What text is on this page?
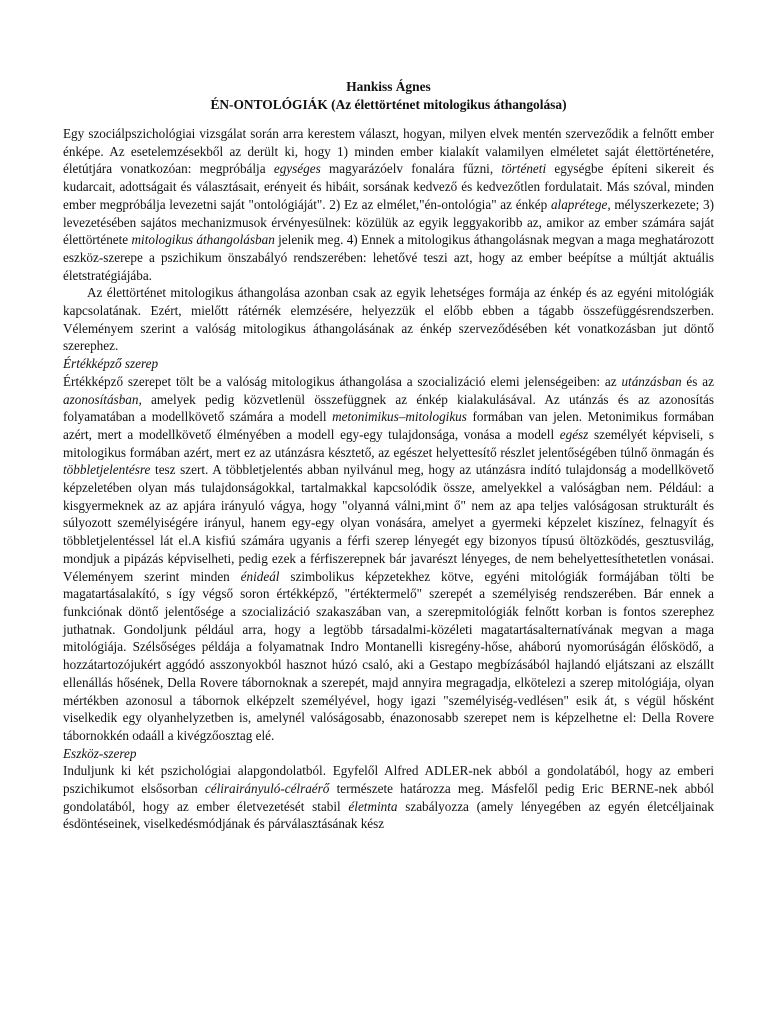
Hankiss Ágnes

ÉN-ONTOLÓGIÁK (Az élettörténet mitologikus áthangolása)

Egy szociálpszichológiai vizsgálat során arra kerestem választ, hogyan, milyen elvek mentén szerveződik a felnőtt ember énképe. Az esetelemzésekből az derült ki, hogy 1) minden ember kialakít valamilyen elméletet saját élettörténetére, életútjára vonatkozóan: megpróbálja egységes magyarázóelv fonalára fűzni, történeti egységbe építeni sikereit és kudarcait, adottságait és választásait, erényeit és hibáit, sorsának kedvező és kedvezőtlen fordulatait. Más szóval, minden ember megpróbálja levezetni saját "ontológiáját". 2) Ez az elmélet,"én-ontológia" az énkép alaprétege, mélyszerkezete; 3) levezetésében sajátos mechanizmusok érvényesülnek: közülük az egyik leggyakoribb az, amikor az ember számára saját élettörténete mitologikus áthangolásban jelenik meg. 4) Ennek a mitologikus áthangolásnak megvan a maga meghatározott eszköz-szerepe a pszichikum önszabályó rendszerében: lehetővé teszi azt, hogy az ember beépítse a múltját aktuális életstratégiájába.

Az élettörténet mitologikus áthangolása azonban csak az egyik lehetséges formája az énkép és az egyéni mitológiák kapcsolatának. Ezért, mielőtt rátérnék elemzésére, helyezzük el előbb ebben a tágabb összefüggésrendszerben. Véleményem szerint a valóság mitologikus áthangolásának az énkép szerveződésében két vonatkozásban jut döntő szerephez.

Értékképző szerep

Értékképző szerepet tölt be a valóság mitologikus áthangolása a szocializáció elemi jelenségeiben: az utánzásban és az azonosításban, amelyek pedig közvetlenül összefüggnek az énkép kialakulásával. Az utánzás és az azonosítás folyamatában a modellkövető számára a modell metonimikus–mitologikus formában van jelen. Metonimikus formában azért, mert a modellkövető élményében a modell egy-egy tulajdonsága, vonása a modell egész személyét képviseli, s mitologikus formában azért, mert ez az utánzásra késztető, az egészet helyettesítő részlet jelentőségében túlnő önmagán és többletjelentésre tesz szert. A többletjelentés abban nyilvánul meg, hogy az utánzásra indító tulajdonság a modellkövető képzeletében olyan más tulajdonságokkal, tartalmakkal kapcsolódik össze, amelyekkel a valóságban nem. Például: a kisgyermeknek az az apjára irányuló vágya, hogy "olyanná válni,mint ő" nem az apa teljes valóságosan strukturált és súlyozott személyiségére irányul, hanem egy-egy olyan vonására, amelyet a gyermeki képzelet kiszínez, felnagyít és többletjelentéssel lát el.A kisfiú számára ugyanis a férfi szerep lényegét egy bizonyos típusú öltözködés, gesztusvilág, mondjuk a pipázás képviselheti, pedig ezek a férfiszerepnek bár javarészt lényeges, de nem behelyettesíthetetlen vonásai. Véleményem szerint minden énideál szimbolikus képzetekhez kötve, egyéni mitológiák formájában tölti be magatartásalakító, s így végső soron értékképző, "értéktermelő" szerepét a személyiség rendszerében. Bár ennek a funkciónak döntő jelentősége a szocializáció szakaszában van, a szerepmitológiák felnőtt korban is fontos szerephez juthatnak. Gondoljunk például arra, hogy a legtöbb társadalmi-közéleti magatartásalternatívának megvan a maga mitológiája. Szélsőséges példája a folyamatnak Indro Montanelli kisregény-hőse, aháború nyomorúságán élősködő, a hozzátartozójukért aggódó asszonyokból hasznot húzó csaló, aki a Gestapo megbízásából hajlandó eljátszani az elszállt ellenállás hősének, Della Rovere tábornoknak a szerepét, majd annyira megragadja, elkötelezi a szerep mitológiája, olyan mértékben azonosul a tábornok elképzelt személyével, hogy igazi "személyiség-vedlésen" esik át, s végül hősként viselkedik egy olyanhelyzetben is, amelynél valóságosabb, énazonosabb szerepet nem is képzelhetne el: Della Rovere tábornokkén odaáll a kivégzőosztag elé.

Eszköz-szerep

Induljunk ki két pszichológiai alapgondolatból. Egyfelől Alfred ADLER-nek abból a gondolatából, hogy az emberi pszichikumot elsősorban célirairányuló-célraérő természete határozza meg. Másfelől pedig Eric BERNE-nek abból gondolatából, hogy az ember életvezetését stabil életminta szabályozza (amely lényegében az egyén életcéljainak ésdöntéseinek, viselkedésmódjának és párválasztásának kész
